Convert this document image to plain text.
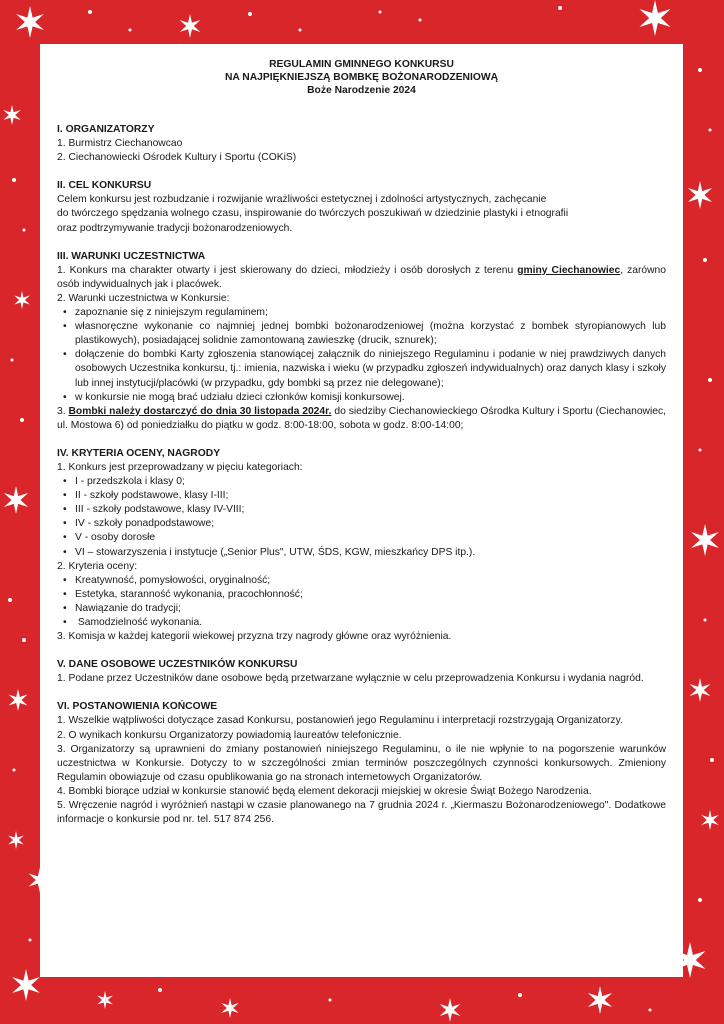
REGULAMIN GMINNEGO KONKURSU
NA NAJPIĘKNIEJSZĄ BOMBKĘ BOŻONARODZENIOWĄ
Boże Narodzenie 2024
I. ORGANIZATORZY
1. Burmistrz Ciechanowcao
2. Ciechanowiecki Ośrodek Kultury i Sportu (COKiS)
II. CEL KONKURSU
Celem konkursu jest rozbudzanie i rozwijanie wrażliwości estetycznej i zdolności artystycznych, zachęcanie
do twórczego spędzania wolnego czasu, inspirowanie do twórczych poszukiwań w dziedzinie plastyki i etnografii
oraz podtrzymywanie tradycji bożonarodzeniowych.
III. WARUNKI UCZESTNICTWA

1. Konkurs ma charakter otwarty i jest skierowany do dzieci, młodzieży i osób dorosłych z terenu gminy Ciechanowiec, zarówno osób indywidualnych jak i placówek.

2. Warunki uczestnictwa w Konkursie:

• zapoznanie się z niniejszym regulaminem;
• własnoręczne wykonanie co najmniej jednej bombki bożonarodzeniowej (można korzystać z bombek styropianowych lub plastikowych), posiadającej solidnie zamontowaną zawieszkę (drucik, sznurek);
• dołączenie do bombki Karty zgłoszenia stanowiącej załącznik do niniejszego Regulaminu i podanie w niej prawdziwych danych osobowych Uczestnika konkursu, tj.: imienia, nazwiska i wieku (w przypadku zgłoszeń indywidualnych) oraz danych klasy i szkoły lub innej instytucji/placówki (w przypadku, gdy bombki są przez nie delegowane);
• w konkursie nie mogą brać udziału dzieci członków komisji konkursowej.

3. Bombki należy dostarczyć do dnia 30 listopada 2024r. do siedziby Ciechanowieckiego Ośrodka Kultury i Sportu (Ciechanowiec, ul. Mostowa 6) od poniedziałku do piątku w godz. 8:00-18:00, sobota w godz. 8:00-14:00;

IV. KRYTERIA OCENY, NAGRODY

1. Konkurs jest przeprowadzany w pięciu kategoriach:

• I - przedszkola i klasy 0;
• II - szkoły podstawowe, klasy I-III;
• III - szkoły podstawowe, klasy IV-VIII;
• IV - szkoły ponadpodstawowe;
• V - osoby dorosłe
• VI – stowarzyszenia i instytucje („Senior Plus", UTW, ŚDS, KGW, mieszkańcy DPS itp.).

2. Kryteria oceny:

• Kreatywność, pomysłowości, oryginalność;
• Estetyka, staranność wykonania, pracochłonność;
• Nawiązanie do tradycji;
•  Samodzielność wykonania.

3. Komisja w każdej kategorii wiekowej przyzna trzy nagrody główne oraz wyróżnienia.

V. DANE OSOBOWE UCZESTNIKÓW KONKURSU

1. Podane przez Uczestników dane osobowe będą przetwarzane wyłącznie w celu przeprowadzenia Konkursu i wydania nagród.

VI. POSTANOWIENIA KOŃCOWE

1. Wszelkie wątpliwości dotyczące zasad Konkursu, postanowień jego Regulaminu i interpretacji rozstrzygają Organizatorzy.

2. O wynikach konkursu Organizatorzy powiadomią laureatów telefonicznie.

3. Organizatorzy są uprawnieni do zmiany postanowień niniejszego Regulaminu, o ile nie wpłynie to na pogorszenie warunków uczestnictwa w Konkursie. Dotyczy to w szczególności zmian terminów poszczególnych czynności konkursowych. Zmieniony Regulamin obowiązuje od czasu opublikowania go na stronach internetowych Organizatorów.

4. Bombki biorące udział w konkursie stanowić będą element dekoracji miejskiej w okresie Świąt Bożego Narodzenia.

5. Wręczenie nagród i wyróżnień nastąpi w czasie planowanego na 7 grudnia 2024 r. „Kiermaszu Bożonarodzeniowego". Dodatkowe informacje o konkursie pod nr. tel. 517 874 256.
